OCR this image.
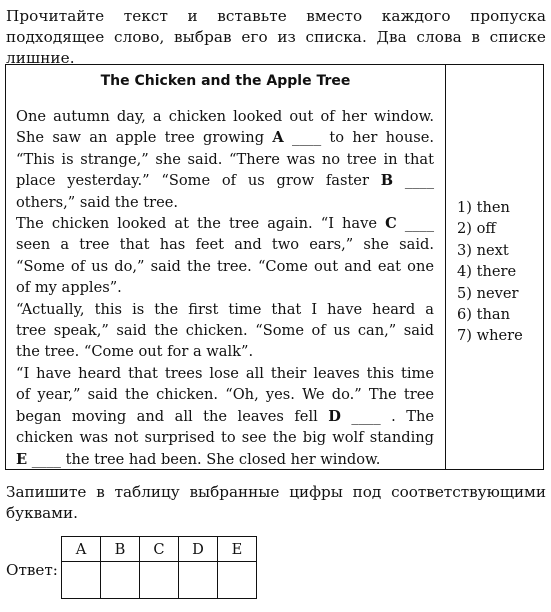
Прочитайте текст и вставьте вместо каждого пропуска подходящее слово, выбрав его из списка. Два слова в списке лишние.
The Chicken and the Apple Tree
One autumn day, a chicken looked out of her window.
She saw an apple tree growing A ____ to her house.
“This is strange,” she said. “There was no tree in that
place yesterday.” “Some of us grow faster B ____
others,” said the tree.
The chicken looked at the tree again. “I have C ____
seen a tree that has feet and two ears,” she said.
“Some of us do,” said the tree. “Come out and eat one
of my apples”.
“Actually, this is the first time that I have heard a
tree speak,” said the chicken. “Some of us can,” said
the tree. “Come out for a walk”.
“I have heard that trees lose all their leaves this time
of year,” said the chicken. “Oh, yes. We do.” The tree
began moving and all the leaves fell D ____ . The
chicken was not surprised to see the big wolf standing
E ____ the tree had been. She closed her window.
1) then
2) off
3) next
4) there
5) never
6) than
7) where
Запишите в таблицу выбранные цифры под соответствующими буквами.
Ответ:
A	B	C	D	E
